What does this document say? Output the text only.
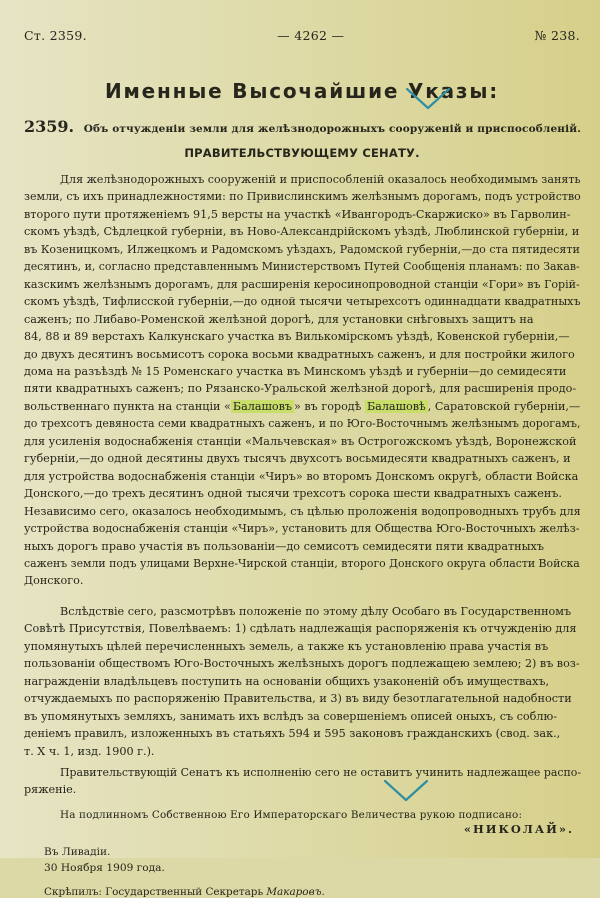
Ст. 2359.	— 4262 —	№ 238.
Именные Высочайшие Указы:
2359. Объ отчужденіи земли для желѣзнодорожныхъ сооруженій и приспособленій.
ПРАВИТЕЛЬСТВУЮЩЕМУ СЕНАТУ.
Для желѣзнодорожныхъ сооруженій и приспособленій оказалось необходимымъ занять
земли, съ ихъ принадлежностями: по Привислинскимъ желѣзнымъ дорогамъ, подъ устройство
второго пути протяженіемъ 91,5 версты на участкѣ «Ивангородъ-Скаржиско» въ Гарволин-
скомъ уѣздѣ, Сѣдлецкой губерніи, въ Ново-Александрійскомъ уѣздѣ, Люблинской губерніи, и
въ Козеницкомъ, Илжецкомъ и Радомскомъ уѣздахъ, Радомской губерніи,—до ста пятидесяти
десятинъ, и, согласно представленнымъ Министерствомъ Путей Сообщенія планамъ: по Закав-
казскимъ желѣзнымъ дорогамъ, для расширенія керосинопроводной станціи «Гори» въ Горій-
скомъ уѣздѣ, Тифлисской губерніи,—до одной тысячи четырехсотъ одиннадцати квадратныхъ
саженъ; по Либаво-Роменской желѣзной дорогѣ, для установки снѣговыхъ защитъ на
84, 88 и 89 верстахъ Калкунскаго участка въ Вилькомірскомъ уѣздѣ, Ковенской губерніи,—
до двухъ десятинъ восьмисотъ сорока восьми квадратныхъ саженъ, и для постройки жилого
дома на разъѣздѣ № 15 Роменскаго участка въ Минскомъ уѣздѣ и губерніи—до семидесяти
пяти квадратныхъ саженъ; по Рязанско-Уральской желѣзной дорогѣ, для расширенія продо-
вольственнаго пункта на станціи « Балашовъ » въ городѣ Балашовѣ , Саратовской губерніи,—
до трехсотъ девяноста семи квадратныхъ саженъ, и по Юго-Восточнымъ желѣзнымъ дорогамъ,
для усиленія водоснабженія станціи «Мальчевская» въ Острогожскомъ уѣздѣ, Воронежской
губерніи,—до одной десятины двухъ тысячъ двухсотъ восьмидесяти квадратныхъ саженъ, и
для устройства водоснабженія станціи «Чиръ» во второмъ Донскомъ округѣ, области Войска
Донского,—до трехъ десятинъ одной тысячи трехсотъ сорока шести квадратныхъ саженъ.
Независимо сего, оказалось необходимымъ, съ цѣлью проложенія водопроводныхъ трубъ для
устройства водоснабженія станціи «Чиръ», установить для Общества Юго-Восточныхъ желѣз-
ныхъ дорогъ право участія въ пользованіи—до семисотъ семидесяти пяти квадратныхъ
саженъ земли подъ улицами Верхне-Чирской станціи, второго Донского округа области Войска
Донского.
Вслѣдствіе сего, разсмотрѣвъ положеніе по этому дѣлу Особаго въ Государственномъ
Совѣтѣ Присутствія, Повелѣваемъ: 1) сдѣлать надлежащія распоряженія къ отчужденію для
упомянутыхъ цѣлей перечисленныхъ земель, а также къ установленію права участія въ
пользованіи обществомъ Юго-Восточныхъ желѣзныхъ дорогъ подлежащею землею; 2) въ воз-
награжденіи владѣльцевъ поступить на основаніи общихъ узаконеній объ имуществахъ,
отчуждаемыхъ по распоряженію Правительства, и 3) въ виду безотлагательной надобности
въ упомянутыхъ земляхъ, занимать ихъ вслѣдъ за совершеніемъ описей оныхъ, съ соблю-
деніемъ правилъ, изложенныхъ въ статьяхъ 594 и 595 законовъ гражданскихъ (свод. зак.,
т. X ч. 1, изд. 1900 г.).
Правительствующій Сенатъ къ исполненію сего не оставитъ учинить надлежащее распо-
ряженіе.
На подлинномъ Собственною Его Императорскаго Величества рукою подписано:
«НИКОЛАЙ».
Въ Ливадіи.
30 Ноября 1909 года.
Скрѣпилъ: Государственный Секретарь Макаровъ.
